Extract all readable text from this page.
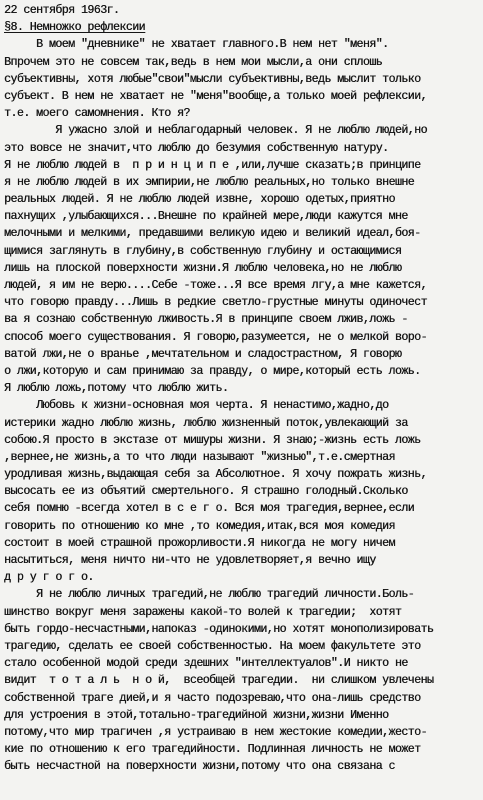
22 сентября 1963г.
§8. Немножко рефлексии
В моем "дневнике" не хватает главного.В нем нет "меня".
Впрочем это не совсем так,ведь в нем мои мысли,а они сплошь
субъективны, хотя любые"свои"мысли субъективны,ведь мыслит только
субъект. В нем не хватает не "меня"вообще,а только моей рефлексии,
т.е. моего самомнения. Кто я?
Я ужасно злой и неблагодарный человек. Я не люблю людей,но
это вовсе не значит,что люблю до безумия собственную натуру.
Я не люблю людей в  п р и н ц и п е ,или,лучше сказать;в принципе
я не люблю людей в их эмпирии,не люблю реальных,но только внешне
реальных людей. Я не люблю людей извне, хорошо одетых,приятно
пахнущих ,улыбающихся...Внешне по крайней мере,люди кажутся мне
мелочными и мелкими, предавшими великую идею и великий идеал,боя-
щимися заглянуть в глубину,в собственную глубину и остающимися
лишь на плоской поверхности жизни.Я люблю человека,но не люблю
людей, я им не верю....Себе -тоже...Я все время лгу,а мне кажется,
что говорю правду...Лишь в редкие светло-грустные минуты одиночест
ва я сознаю собственную лживость.Я в принципе своем лжив,ложь -
способ моего существования. Я говорю,разумеется, не о мелкой воро-
ватой лжи,не о вранье ,мечтательном и сладострастном, Я говорю
о лжи,которую и сам принимаю за правду, о мире,который есть ложь.
Я люблю ложь,потому что люблю жить.
Любовь к жизни-основная моя черта. Я ненастимо,жадно,до
истерики жадно люблю жизнь, люблю жизненный поток,увлекающий за
собою.Я просто в экстазе от мишуры жизни. Я знаю;-жизнь есть ложь
,вернее,не жизнь,а то что люди называют "жизнью",т.е.смертная
уродливая жизнь,выдающая себя за Абсолютное. Я хочу пожрать жизнь,
высосать ее из объятий смертельного. Я страшно голодный.Сколько
себя помню -всегда хотел в с е г о. Вся моя трагедия,вернее,если
говорить по отношению ко мне ,то комедия,итак,вся моя комедия
состоит в моей страшной прожорливости.Я никогда не могу ничем
насытиться, меня ничто ни-что не удовлетворяет,я вечно ищу
д р у г о г о.
Я не люблю личных трагедий,не люблю трагедий личности.Боль-
шинство вокруг меня заражены какой-то волей к трагедии;  хотят
быть гордо-несчастными,напоказ -одинокими,но хотят монополизировать
трагедию, сделать ее своей собственностью. На моем факультете это
стало особенной модой среди здешних "интеллектуалов".И никто не
видит  т о т а л ь  н о й,  всеобщей трагедии.  ни слишком увлечены
собственной траге дией,и я часто подозреваю,что она-лишь средство
для устроения в этой,тотально-трагедийной жизни,жизни Именно
потому,что мир трагичен ,я устраиваю в нем жестокие комедии,жесто-
кие по отношению к его трагедийности. Подлинная личность не может
быть несчастной на поверхности жизни,потому что она связана с
